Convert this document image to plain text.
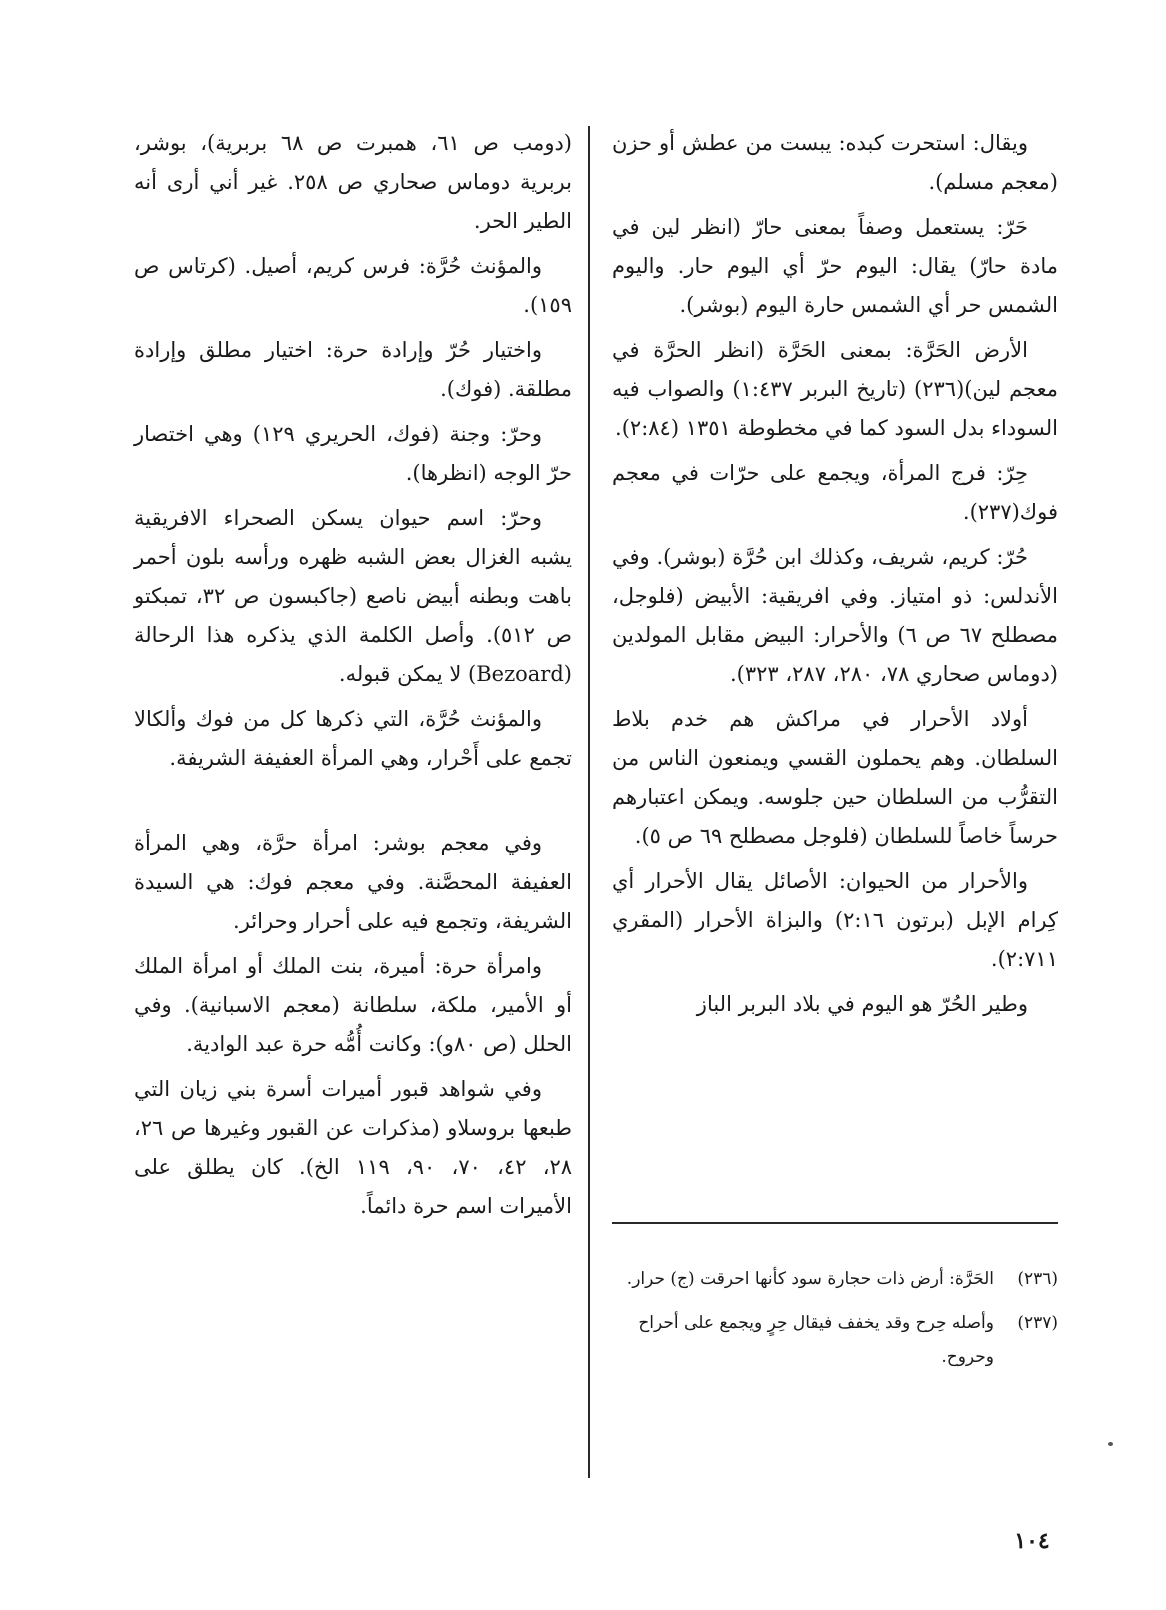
ويقال: استحرت كبده: يبست من عطش أو حزن (معجم مسلم).

حَرّ: يستعمل وصفاً بمعنى حارّ (انظر لين في مادة حارّ) يقال: اليوم حرّ أي اليوم حار. واليوم الشمس حر أي الشمس حارة اليوم (بوشر).

الأرض الحَرَّة: بمعنى الحَرَّة (انظر الحرَّة في معجم لين)(٢٣٦) (تاريخ البربر ١:٤٣٧) والصواب فيه السوداء بدل السود كما في مخطوطة ١٣٥١ (٢:٨٤).

حِرّ: فرج المرأة، ويجمع على حرّات في معجم فوك(٢٣٧).

حُرّ: كريم، شريف، وكذلك ابن حُرَّة (بوشر). وفي الأندلس: ذو امتياز. وفي افريقية: الأبيض (فلوجل، مصطلح ٦٧ ص ٦) والأحرار: البيض مقابل المولدين (دوماس صحاري ٧٨، ٢٨٠، ٢٨٧، ٣٢٣).

أولاد الأحرار في مراكش هم خدم بلاط السلطان. وهم يحملون القسي ويمنعون الناس من التقرُّب من السلطان حين جلوسه. ويمكن اعتبارهم حرساً خاصاً للسلطان (فلوجل مصطلح ٦٩ ص ٥).

والأحرار من الحيوان: الأصائل يقال الأحرار أي كِرام الإبل (برتون ٢:١٦) والبزاة الأحرار (المقري ٢:٧١١).

وطير الحُرّ هو اليوم في بلاد البربر الباز

(دومب ص ٦١، همبرت ص ٦٨ بربرية)، بوشر، بربرية دوماس صحاري ص ٢٥٨. غير أني أرى أنه الطير الحر.

والمؤنث حُرَّة: فرس كريم، أصيل. (كرتاس ص ١٥٩).

واختيار حُرّ وإرادة حرة: اختيار مطلق وإرادة مطلقة. (فوك).

وحرّ: وجنة (فوك، الحريري ١٢٩) وهي اختصار حرّ الوجه (انظرها).

وحرّ: اسم حيوان يسكن الصحراء الافريقية يشبه الغزال بعض الشبه ظهره ورأسه بلون أحمر باهت وبطنه أبيض ناصع (جاكبسون ص ٣٢، تمبكتو ص ٥١٢). وأصل الكلمة الذي يذكره هذا الرحالة (Bezoard) لا يمكن قبوله.

والمؤنث حُرَّة، التي ذكرها كل من فوك وألكالا تجمع على أَحْرار، وهي المرأة العفيفة الشريفة.

وفي معجم بوشر: امرأة حرَّة، وهي المرأة العفيفة المحصَّنة. وفي معجم فوك: هي السيدة الشريفة، وتجمع فيه على أحرار وحرائر.

وامرأة حرة: أميرة، بنت الملك أو امرأة الملك أو الأمير، ملكة، سلطانة (معجم الاسبانية). وفي الحلل (ص ٨٠و): وكانت أُمُّه حرة عبد الوادية.

وفي شواهد قبور أميرات أسرة بني زيان التي طبعها بروسلاو (مذكرات عن القبور وغيرها ص ٢٦، ٢٨، ٤٢، ٧٠، ٩٠، ١١٩ الخ). كان يطلق على الأميرات اسم حرة دائماً.

(٢٣٦)
الحَرَّة: أرض ذات حجارة سود كأنها احرقت (ج) حرار.
(٢٣٧)
وأصله حِرح وقد يخفف فيقال حِرٍ ويجمع على أحراح وحروح.
١٠٤
